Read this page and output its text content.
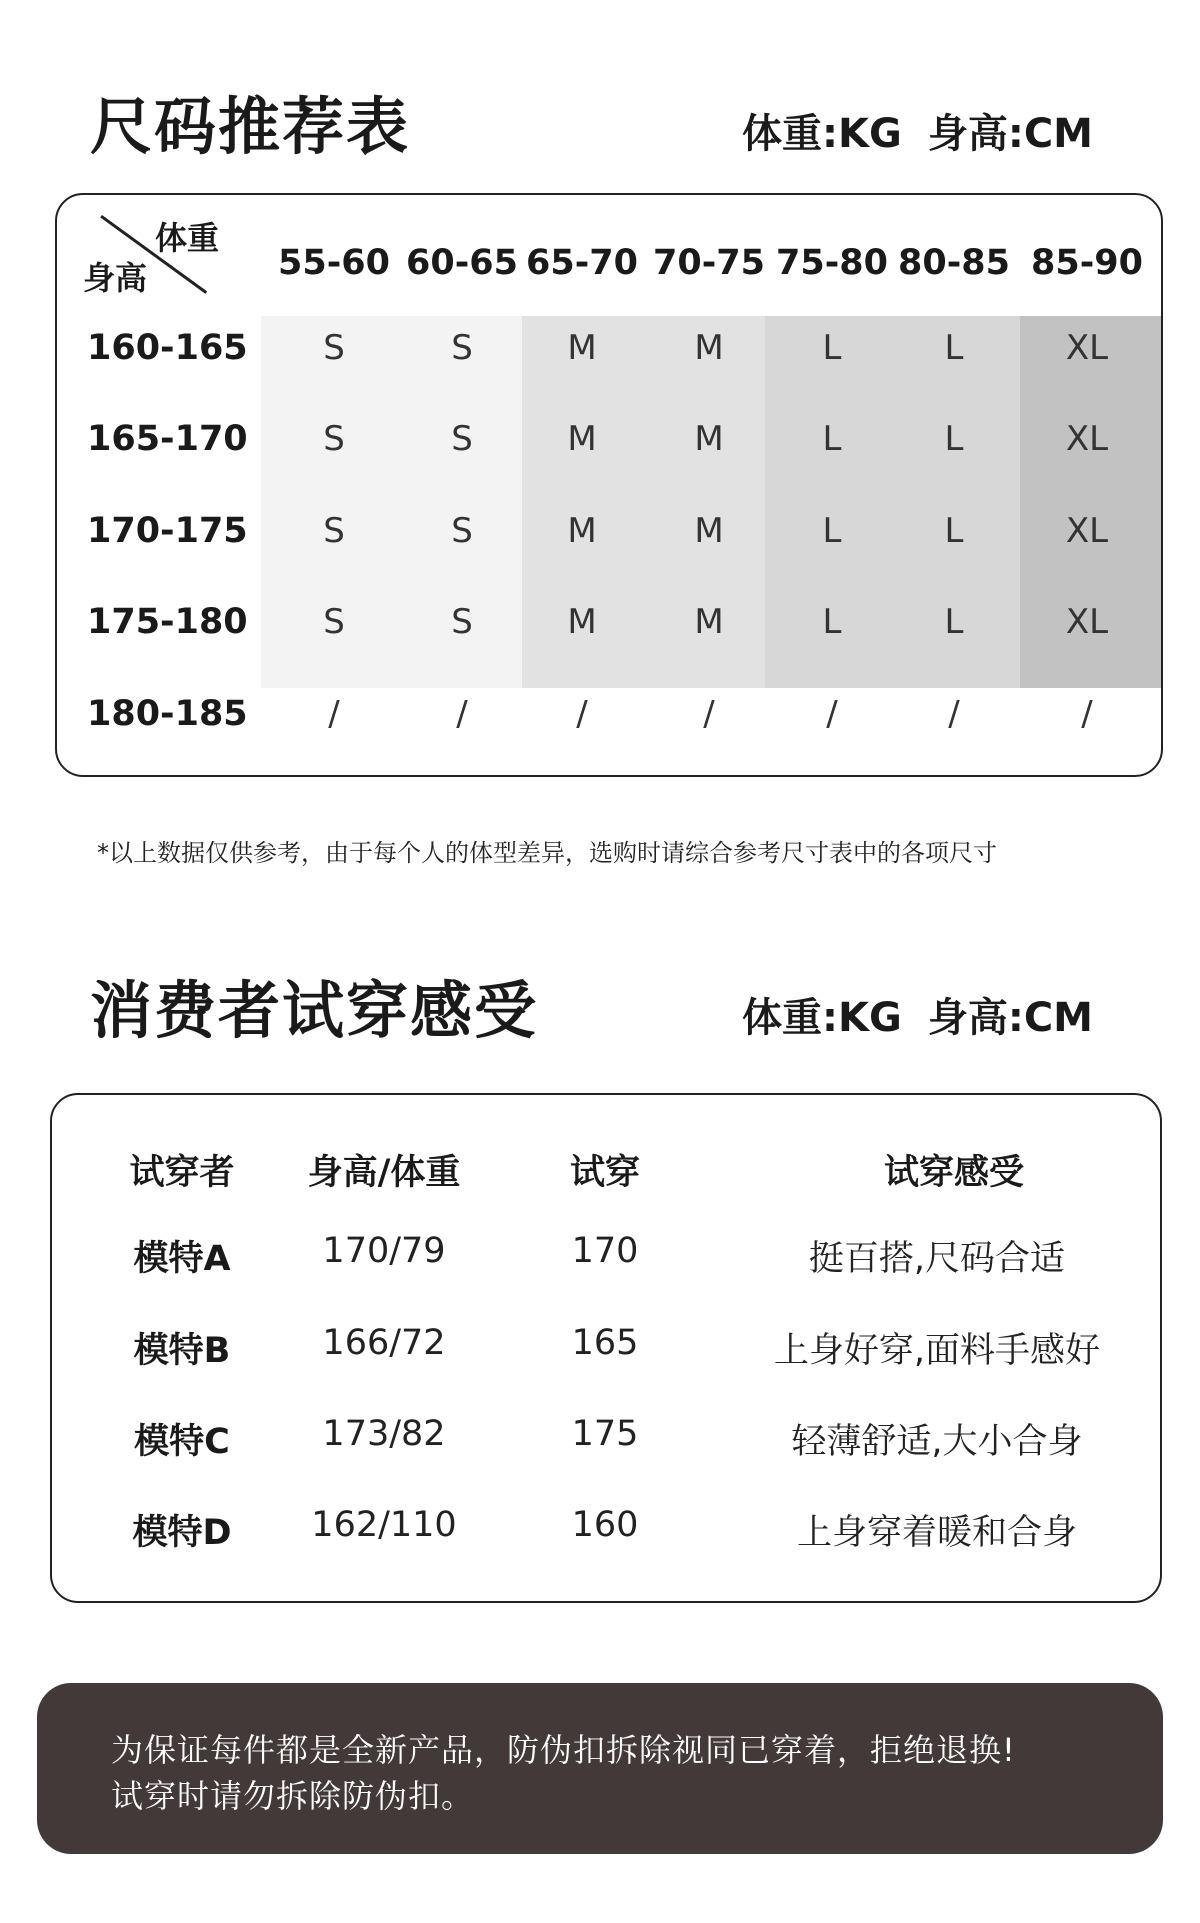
尺码推荐表	体重:KG 身高:CM
体重
身高	55-60 60-65 65-70 70-75 75-80 80-85 85-90
160-165	S	S	M	M	L	L	XL
165-170	S	S	M	M	L	L	XL
170-175	S	S	M	M	L	L	XL
175-180	S	S	M	M	L	L	XL
180-185	/	/	/	/	/	/	/
*以上数据仅供参考，由于每个人的体型差异，选购时请综合参考尺寸表中的各项尺寸
消费者试穿感受	体重:KG 身高:CM
试穿者 身高/体重	试穿	试穿感受
模特A	170/79	170	挺百搭,尺码合适
模特B	166/72	165	上身好穿,面料手感好
模特C	173/82	175	轻薄舒适,大小合身
模特D 162/110	160	上身穿着暖和合身

为保证每件都是全新产品，防伪扣拆除视同已穿着，拒绝退换!

试穿时请勿拆除防伪扣。
